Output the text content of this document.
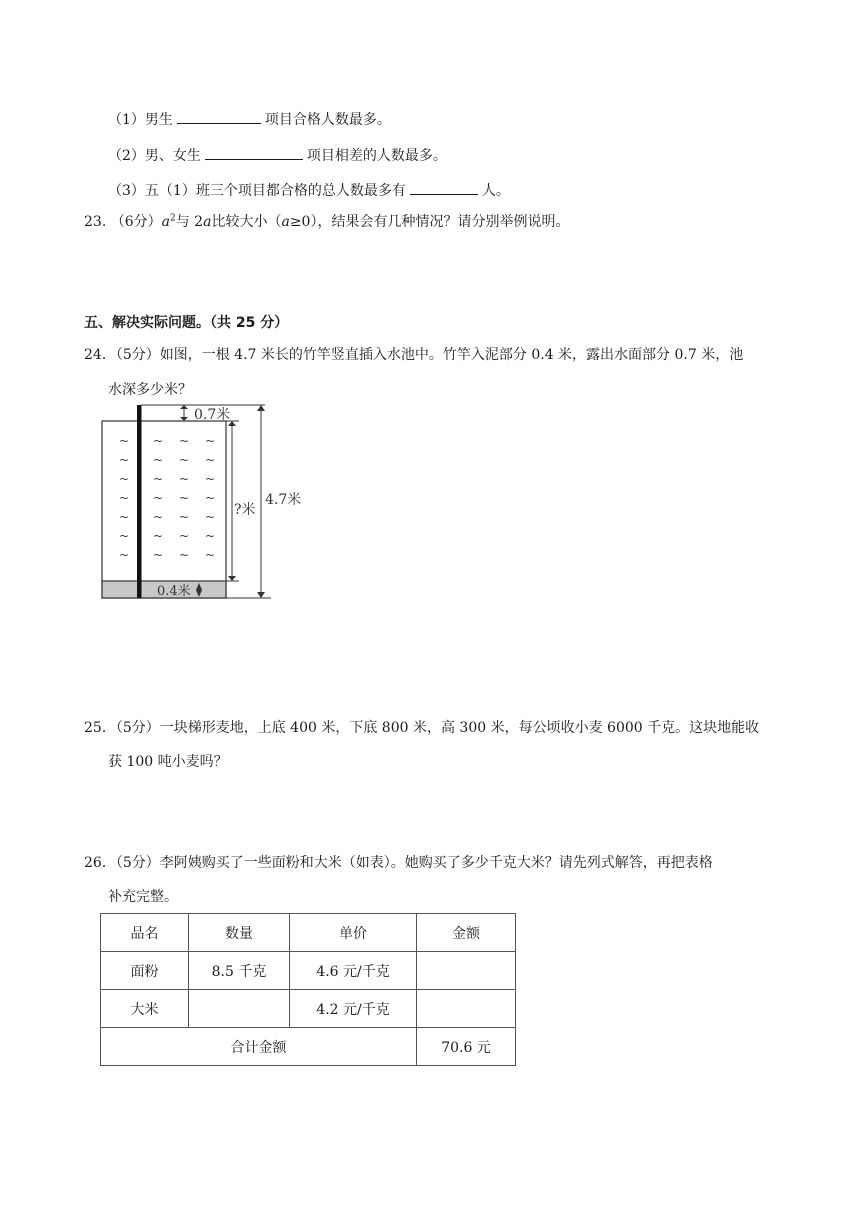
（1）男生	项目合格人数最多。
（2）男、女生	项目相差的人数最多。
（3）五（1）班三个项目都合格的总人数最多有	人。
23. （6分）$a^2$与 2a比较大小（a≥0），结果会有几种情况？请分别举例说明。
五、解决实际问题。（共 25 分）
24．（5分）如图，一根 4.7 米长的竹竿竖直插入水池中。竹竿入泥部分 0.4 米，露出水面部分 0.7 米，池
水深多少米？
~
~
~
~
~
~
~
~
~
~
~
~
~
~
~
~
~
~
~
~
~
~
~
~
~
~
~
~
0.7米
?米
4.7米
0.4米
25．（5分）一块梯形麦地，上底 400 米，下底 800 米，高 300 米，每公顷收小麦 6000 千克。这块地能收
获 100 吨小麦吗？
26．（5分）李阿姨购买了一些面粉和大米（如表）。她购买了多少千克大米？请先列式解答，再把表格
补充完整。
品名	数量	单价	金额
面粉	8.5 千克	4.6 元/千克	
大米		4.2 元/千克	
合计金额			70.6 元
